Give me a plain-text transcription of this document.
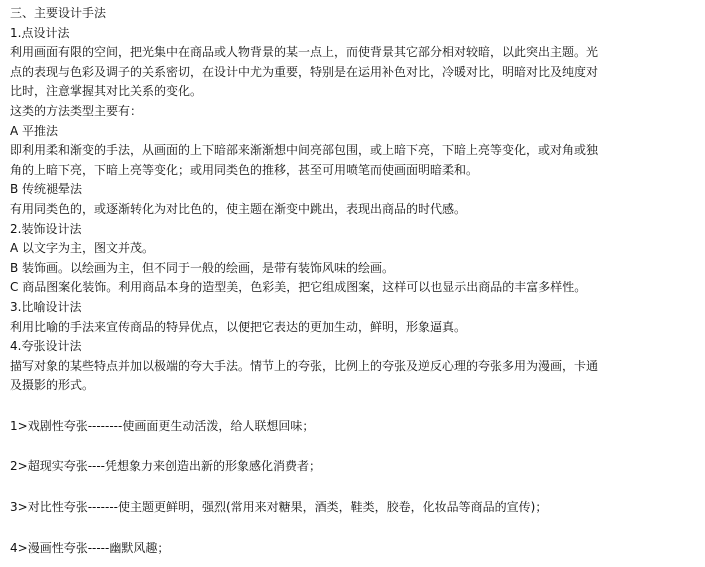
三、主要设计手法
1.点设计法
利用画面有限的空间，把光集中在商品或人物背景的某一点上，而使背景其它部分相对较暗，以此突出主题。光
点的表现与色彩及调子的关系密切，在设计中尤为重要，特别是在运用补色对比，冷暖对比，明暗对比及纯度对
比时，注意掌握其对比关系的变化。
这类的方法类型主要有：
A 平推法
即利用柔和渐变的手法，从画面的上下暗部来渐渐想中间亮部包围，或上暗下亮，下暗上亮等变化，或对角或独
角的上暗下亮，下暗上亮等变化；或用同类色的推移，甚至可用喷笔而使画面明暗柔和。
B 传统褪晕法
有用同类色的，或逐渐转化为对比色的，使主题在渐变中跳出，表现出商品的时代感。
2.装饰设计法
A 以文字为主，图文并茂。
B 装饰画。以绘画为主，但不同于一般的绘画，是带有装饰风味的绘画。
C 商品图案化装饰。利用商品本身的造型美，色彩美，把它组成图案，这样可以也显示出商品的丰富多样性。
3.比喻设计法
利用比喻的手法来宣传商品的特异优点，以便把它表达的更加生动，鲜明，形象逼真。
4.夸张设计法
描写对象的某些特点并加以极端的夸大手法。情节上的夸张，比例上的夸张及逆反心理的夸张多用为漫画，卡通
及摄影的形式。
1>戏剧性夸张--------使画面更生动活泼，给人联想回味；
2>超现实夸张----凭想象力来创造出新的形象感化消费者；
3>对比性夸张-------使主题更鲜明，强烈(常用来对糖果，酒类，鞋类，胶卷，化妆品等商品的宣传)；
4>漫画性夸张-----幽默风趣；
